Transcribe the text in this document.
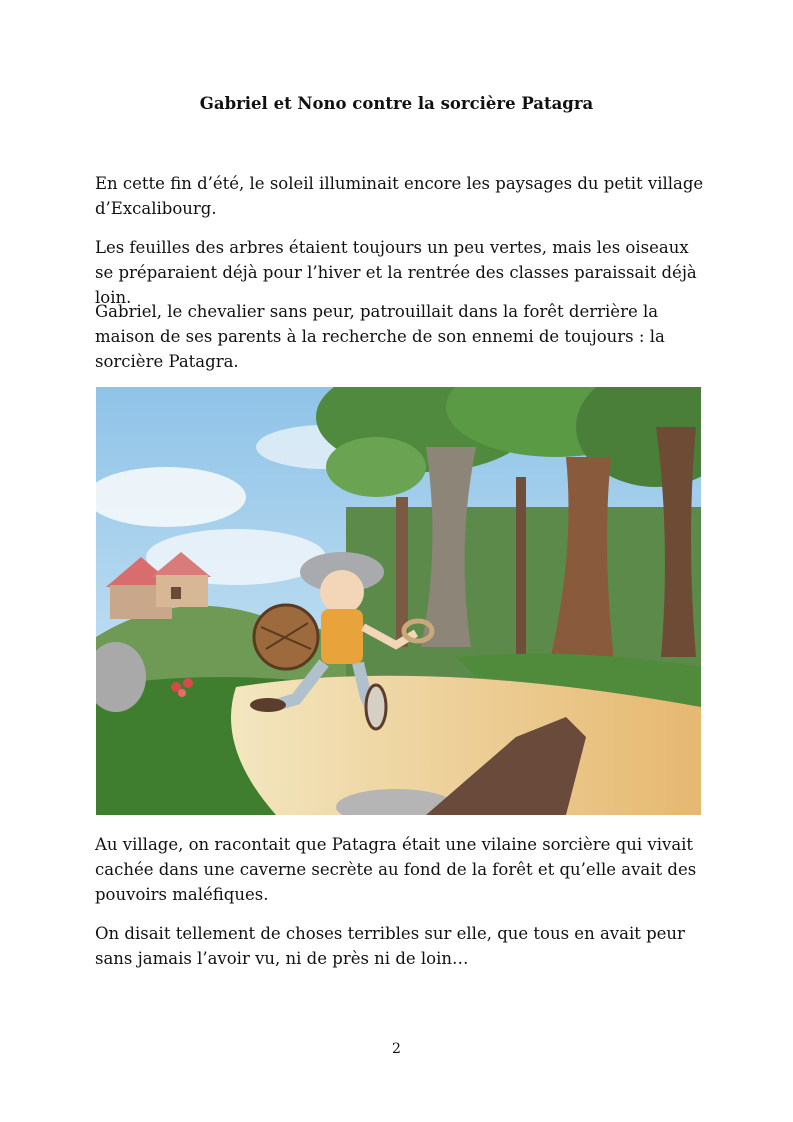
Gabriel et Nono contre la sorcière Patagra

En cette fin d’été, le soleil illuminait encore les paysages du petit village d’Excalibourg.

Les feuilles des arbres étaient toujours un peu vertes, mais les oiseaux se préparaient déjà pour l’hiver et la rentrée des classes paraissait déjà loin.

Gabriel, le chevalier sans peur, patrouillait dans la forêt derrière la maison de ses parents à la recherche de son ennemi de toujours : la sorcière Patagra.

Au village, on racontait que Patagra était une vilaine sorcière qui vivait cachée dans une caverne secrète au fond de la forêt et qu’elle avait des pouvoirs maléfiques.

On disait tellement de choses terribles sur elle, que tous en avait peur sans jamais l’avoir vu, ni de près ni de loin…

2
